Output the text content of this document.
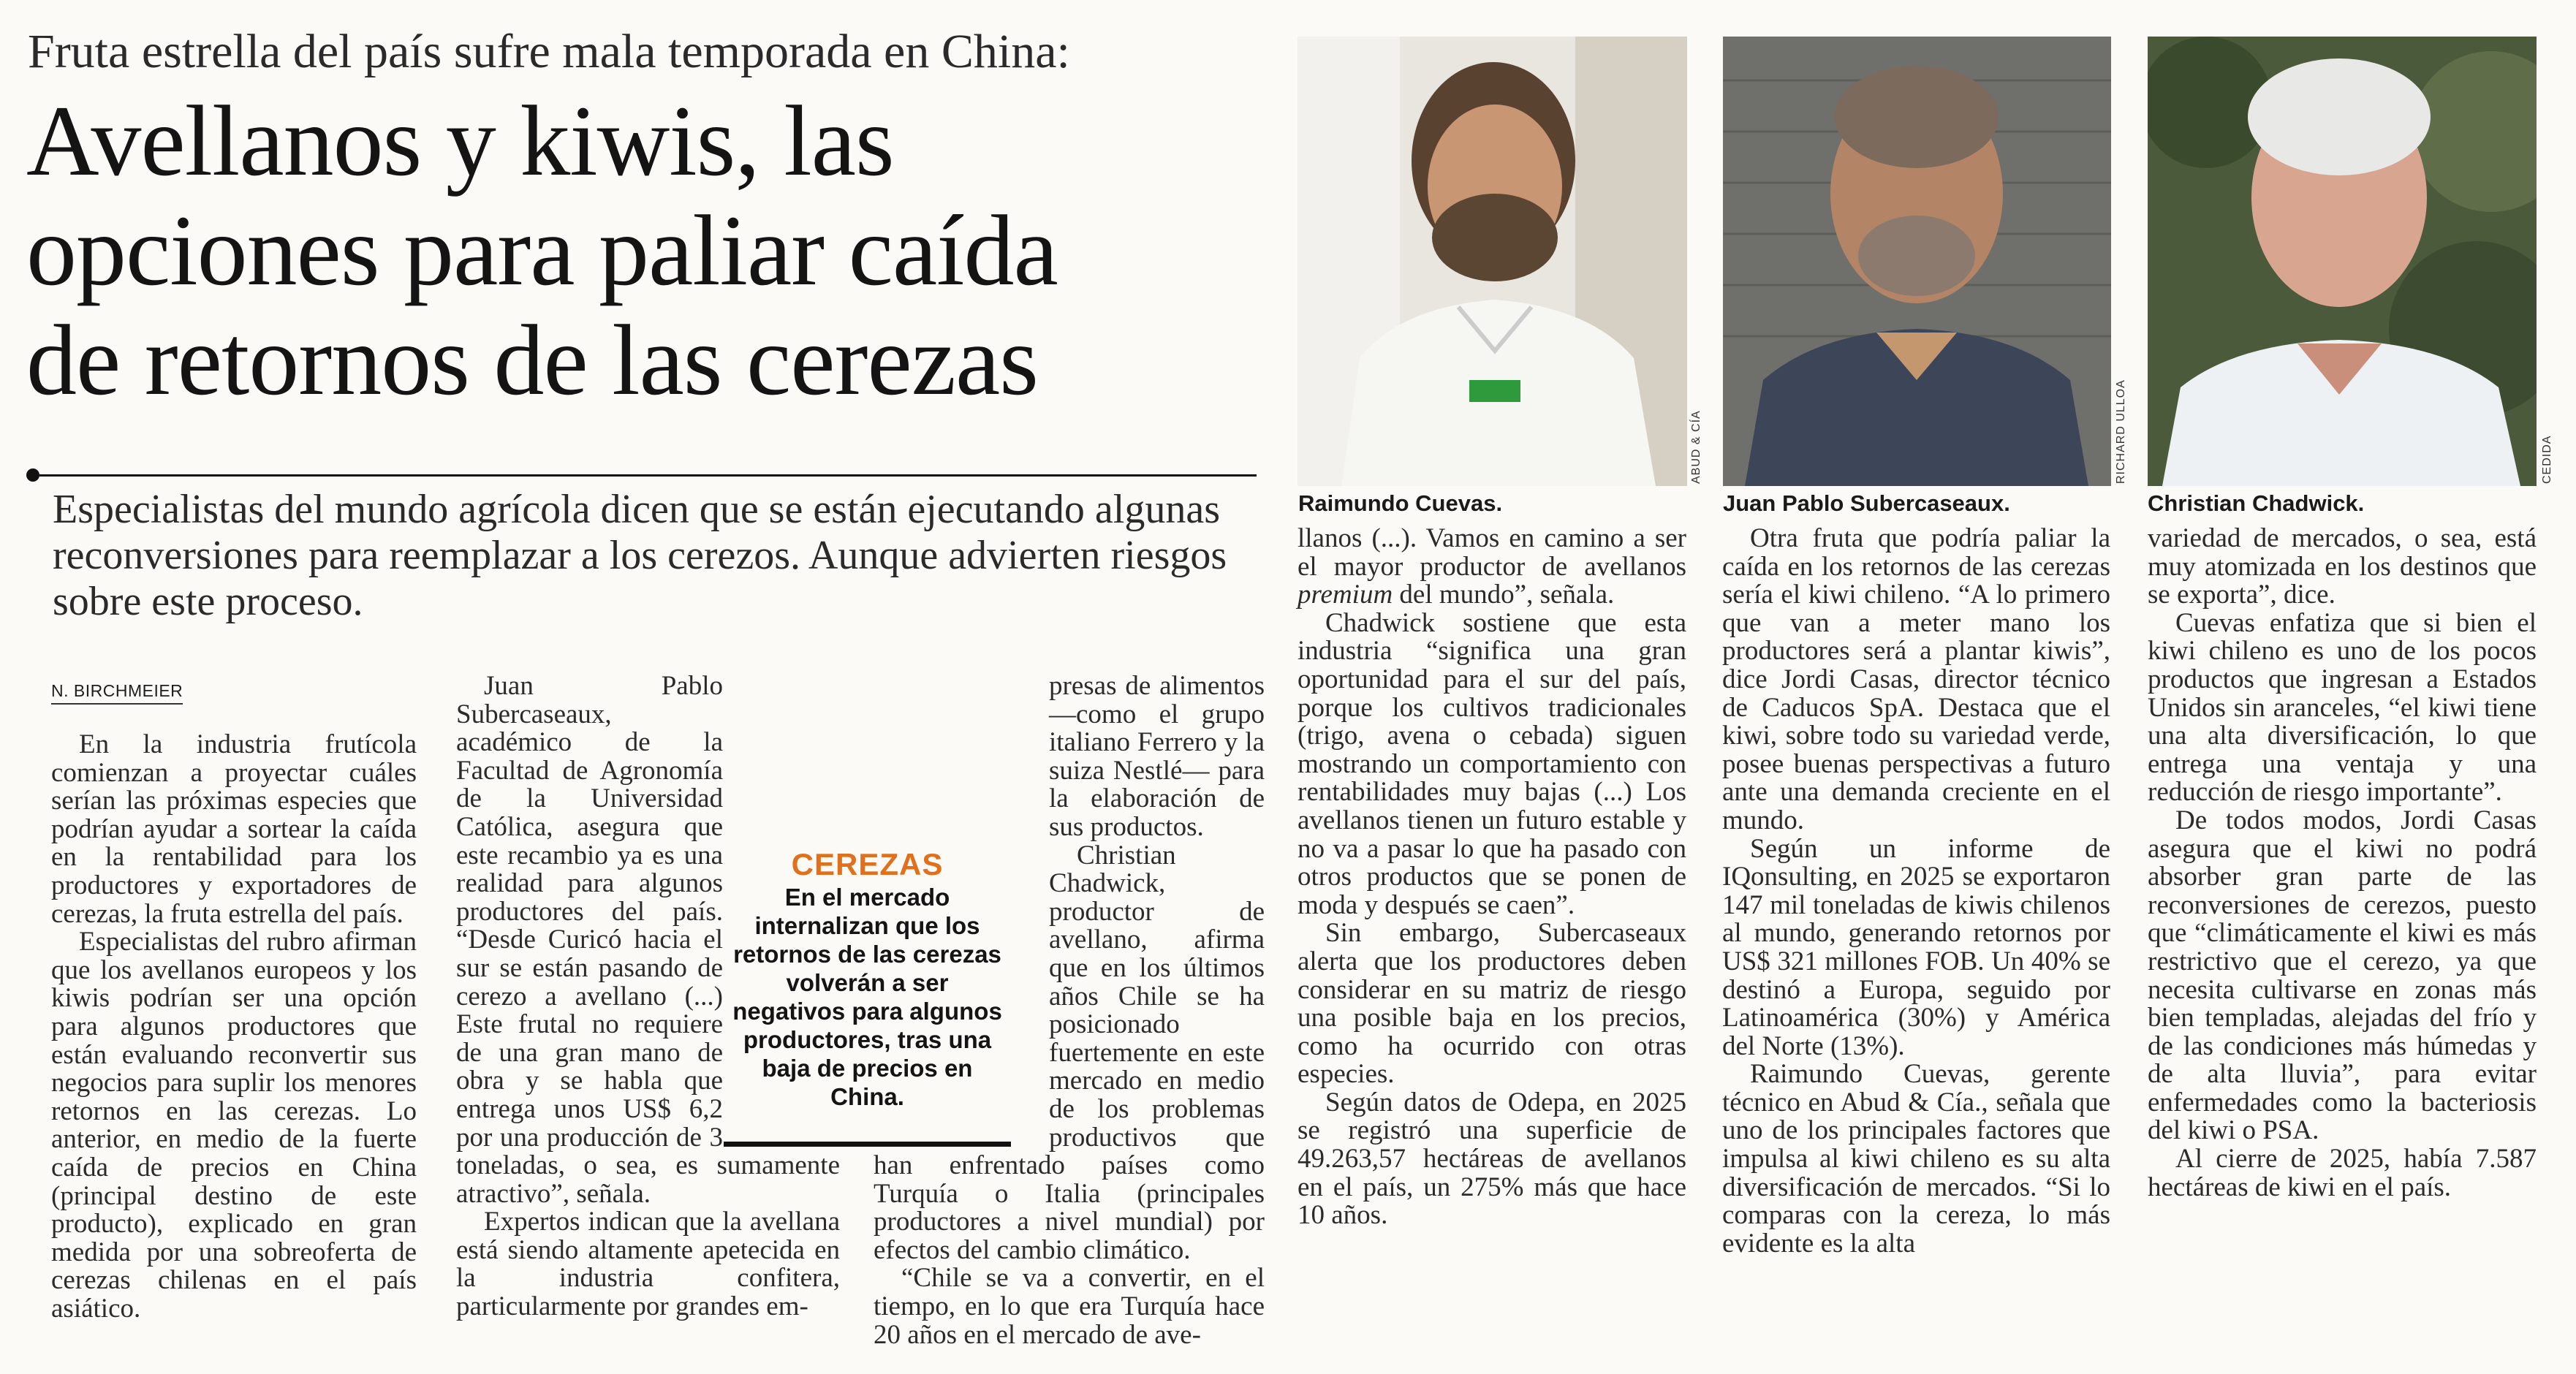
Fruta estrella del país sufre mala temporada en China:
Avellanos y kiwis, las
opciones para paliar caída
de retornos de las cerezas
Especialistas del mundo agrícola dicen que se están ejecutando algunas reconversiones para reemplazar a los cerezos. Aunque advierten riesgos sobre este proceso.
N. BIRCHMEIER

En la industria frutícola comienzan a proyectar cuáles serían las próximas especies que podrían ayudar a sortear la caída en la rentabilidad para los productores y exportadores de cerezas, la fruta estrella del país.

Especialistas del rubro afirman que los avellanos europeos y los kiwis podrían ser una opción para algunos productores que están evaluando reconvertir sus negocios para suplir los menores retornos en las cerezas. Lo anterior, en medio de la fuerte caída de precios en China (principal destino de este producto), explicado en gran medida por una sobreoferta de cerezas chilenas en el país asiático.

Juan Pablo Subercaseaux, académico de la Facultad de Agronomía de la Universidad Católica, asegura que este recambio ya es una realidad para algunos productores del país. “Desde Curicó hacia el sur se están pasando de cerezo a avellano (...) Este frutal no requiere de una gran mano de obra y se habla que entrega unos US$ 6,2 por una producción de 3 toneladas, o sea, es sumamente atractivo”, señala.

Expertos indican que la avellana está siendo altamente apetecida en la industria confitera, particularmente por grandes em-

presas de alimentos —como el grupo italiano Ferrero y la suiza Nestlé— para la elaboración de sus productos.

Christian Chadwick, productor de avellano, afirma que en los últimos años Chile se ha posicionado fuertemente en este mercado en medio de los problemas productivos que han enfrentado países como Turquía o Italia (principales productores a nivel mundial) por efectos del cambio climático.

“Chile se va a convertir, en el tiempo, en lo que era Turquía hace 20 años en el mercado de ave-

CEREZAS
En el mercado internalizan que los retornos de las cerezas volverán a ser negativos para algunos productores, tras una baja de precios en China.
ABUD & CÍA	RICHARD ULLOA	CEDIDA
Raimundo Cuevas.	Juan Pablo Subercaseaux.	Christian Chadwick.

llanos (...). Vamos en camino a ser el mayor productor de avellanos premium del mundo”, señala.

Chadwick sostiene que esta industria “significa una gran oportunidad para el sur del país, porque los cultivos tradicionales (trigo, avena o cebada) siguen mostrando un comportamiento con rentabilidades muy bajas (...) Los avellanos tienen un futuro estable y no va a pasar lo que ha pasado con otros productos que se ponen de moda y después se caen”.

Sin embargo, Subercaseaux alerta que los productores deben considerar en su matriz de riesgo una posible baja en los precios, como ha ocurrido con otras especies.

Según datos de Odepa, en 2025 se registró una superficie de 49.263,57 hectáreas de avellanos en el país, un 275% más que hace 10 años.

Otra fruta que podría paliar la caída en los retornos de las cerezas sería el kiwi chileno. “A lo primero que van a meter mano los productores será a plantar kiwis”, dice Jordi Casas, director técnico de Caducos SpA. Destaca que el kiwi, sobre todo su variedad verde, posee buenas perspectivas a futuro ante una demanda creciente en el mundo.

Según un informe de IQonsulting, en 2025 se exportaron 147 mil toneladas de kiwis chilenos al mundo, generando retornos por US$ 321 millones FOB. Un 40% se destinó a Europa, seguido por Latinoamérica (30%) y América del Norte (13%).

Raimundo Cuevas, gerente técnico en Abud & Cía., señala que uno de los principales factores que impulsa al kiwi chileno es su alta diversificación de mercados. “Si lo comparas con la cereza, lo más evidente es la alta

variedad de mercados, o sea, está muy atomizada en los destinos que se exporta”, dice.

Cuevas enfatiza que si bien el kiwi chileno es uno de los pocos productos que ingresan a Estados Unidos sin aranceles, “el kiwi tiene una alta diversificación, lo que entrega una ventaja y una reducción de riesgo importante”.

De todos modos, Jordi Casas asegura que el kiwi no podrá absorber gran parte de las reconversiones de cerezos, puesto que “climáticamente el kiwi es más restrictivo que el cerezo, ya que necesita cultivarse en zonas más bien templadas, alejadas del frío y de las condiciones más húmedas y de alta lluvia”, para evitar enfermedades como la bacteriosis del kiwi o PSA.

Al cierre de 2025, había 7.587 hectáreas de kiwi en el país.
